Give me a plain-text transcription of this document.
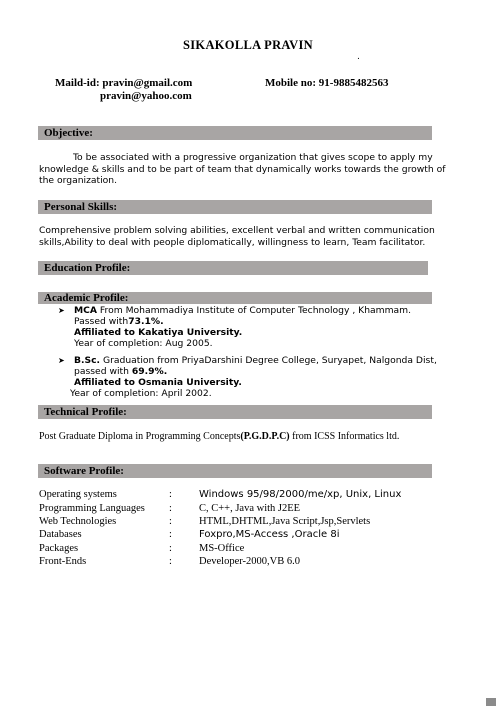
SIKAKOLLA PRAVIN
.
Maild-id: pravin@gmail.com
pravin@yahoo.com
Mobile no: 91-9885482563
Objective:
To be associated with a progressive organization that gives scope to apply my knowledge & skills and to be part of team that dynamically works towards the growth of the organization.
Personal Skills:
Comprehensive problem solving abilities, excellent verbal and written communication skills,Ability to deal with people diplomatically, willingness to learn, Team facilitator.
Education Profile:
Academic Profile:
➤	MCA From Mohammadiya Institute of Computer Technology , Khammam.
Passed with73.1%.
Affiliated to Kakatiya University.
Year of completion: Aug 2005.
➤	B.Sc. Graduation from PriyaDarshini Degree College, Suryapet, Nalgonda Dist,
passed with 69.9%.
Affiliated to Osmania University.
Year of completion: April 2002.
Technical Profile:
Post Graduate Diploma in Programming Concepts(P.G.D.P.C) from ICSS Informatics ltd.
Software Profile:
Operating systems	:	Windows 95/98/2000/me/xp, Unix, Linux
Programming Languages :	C, C++, Java with J2EE
Web Technologies	:	HTML,DHTML,Java Script,Jsp,Servlets
Databases	:	Foxpro,MS-Access ,Oracle 8i
Packages	:	MS-Office
Front-Ends	:	Developer-2000,VB 6.0
